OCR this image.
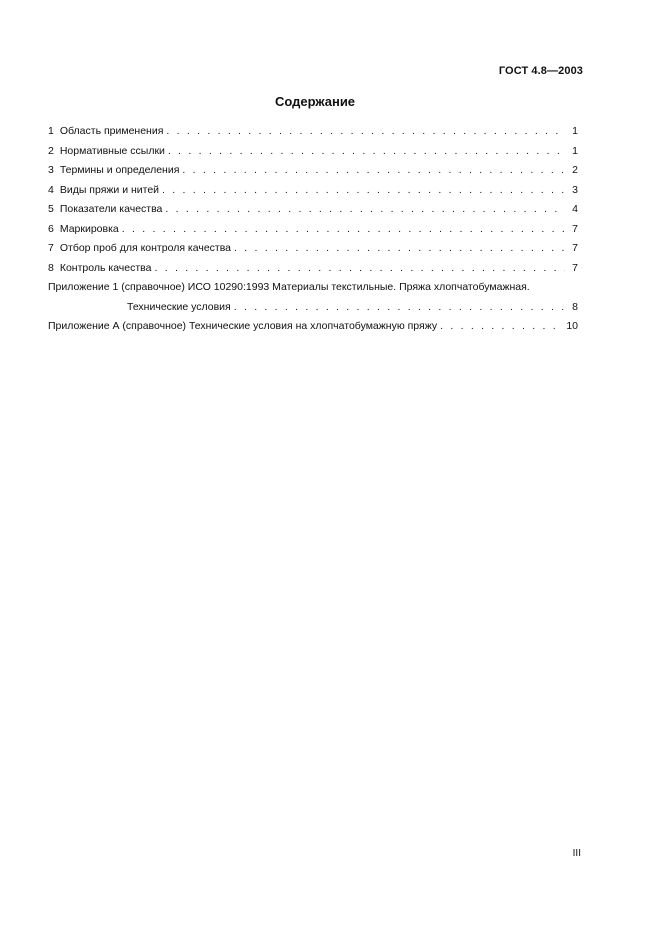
ГОСТ 4.8—2003
Содержание
1 Область применения . . .	1
2 Нормативные ссылки . . .	1
3 Термины и определения . . .	2
4 Виды пряжи и нитей . . .	3
5 Показатели качества . . .	4
6 Маркировка . . .	7
7 Отбор проб для контроля качества . . .	7
8 Контроль качества . . .	7
Приложение 1 (справочное) ИСО 10290:1993 Материалы текстильные. Пряжа хлопчатобумажная.
Технические условия . . .	8
Приложение А (справочное) Технические условия на хлопчатобумажную пряжу . . .	10
III
